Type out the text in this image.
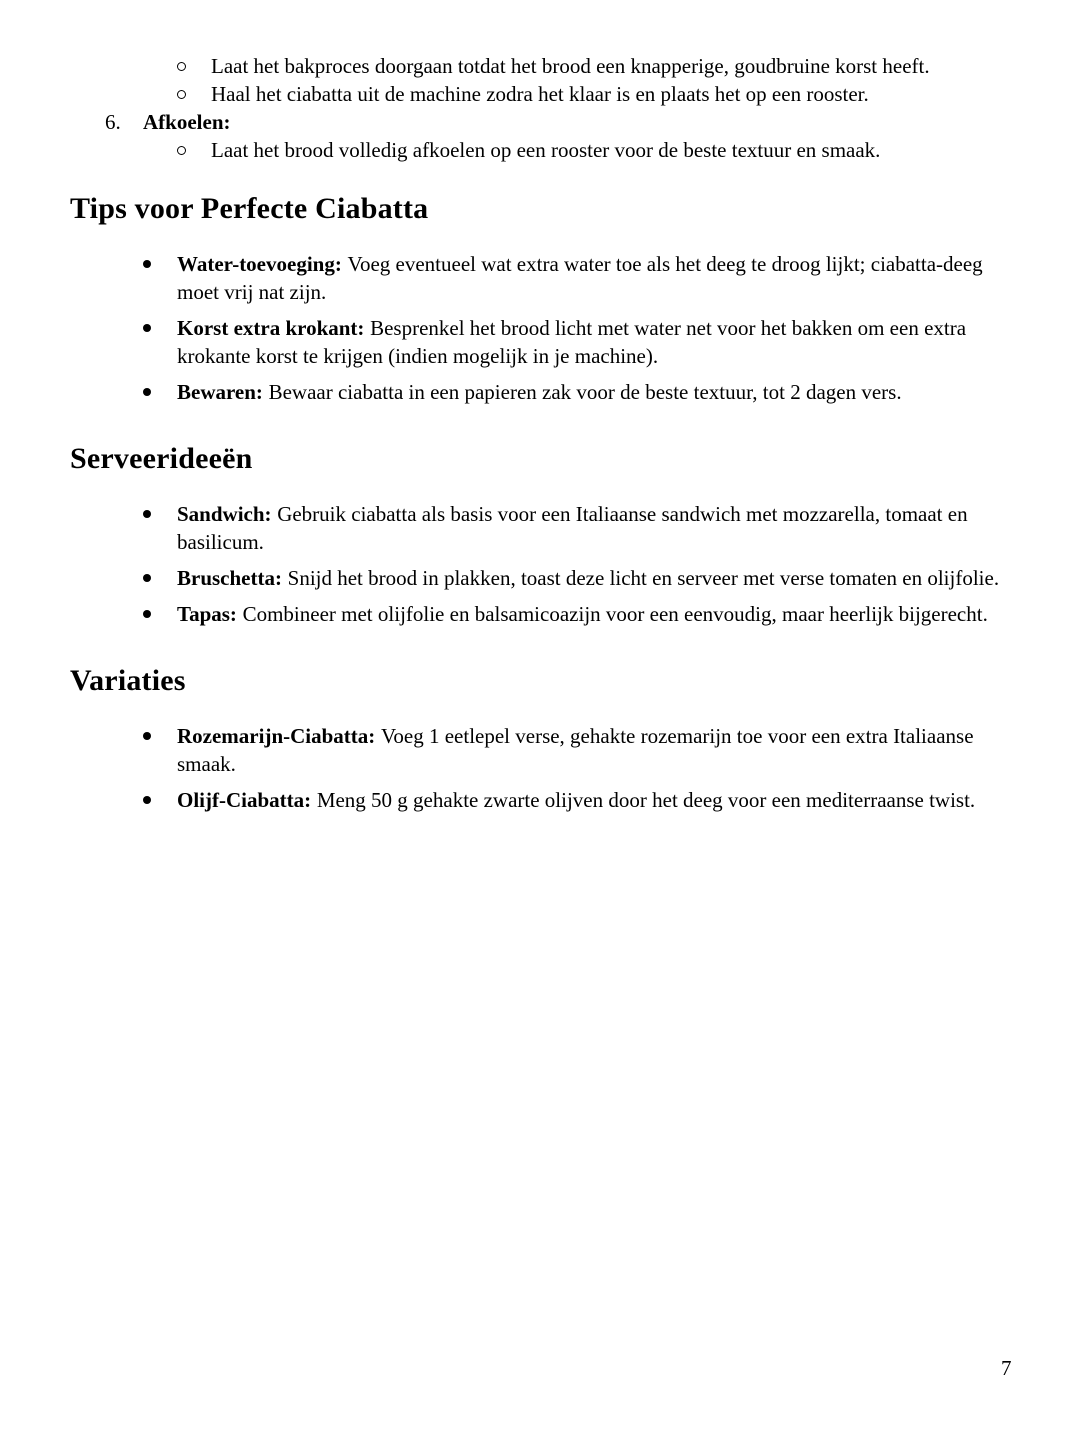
Laat het bakproces doorgaan totdat het brood een knapperige, goudbruine korst heeft.
Haal het ciabatta uit de machine zodra het klaar is en plaats het op een rooster.
6. Afkoelen:
Laat het brood volledig afkoelen op een rooster voor de beste textuur en smaak.
Tips voor Perfecte Ciabatta
Water-toevoeging: Voeg eventueel wat extra water toe als het deeg te droog lijkt; ciabatta-deeg moet vrij nat zijn.
Korst extra krokant: Besprenkel het brood licht met water net voor het bakken om een extra krokante korst te krijgen (indien mogelijk in je machine).
Bewaren: Bewaar ciabatta in een papieren zak voor de beste textuur, tot 2 dagen vers.
Serveerideeën
Sandwich: Gebruik ciabatta als basis voor een Italiaanse sandwich met mozzarella, tomaat en basilicum.
Bruschetta: Snijd het brood in plakken, toast deze licht en serveer met verse tomaten en olijfolie.
Tapas: Combineer met olijfolie en balsamicoazijn voor een eenvoudig, maar heerlijk bijgerecht.
Variaties
Rozemarijn-Ciabatta: Voeg 1 eetlepel verse, gehakte rozemarijn toe voor een extra Italiaanse smaak.
Olijf-Ciabatta: Meng 50 g gehakte zwarte olijven door het deeg voor een mediterraanse twist.
7
